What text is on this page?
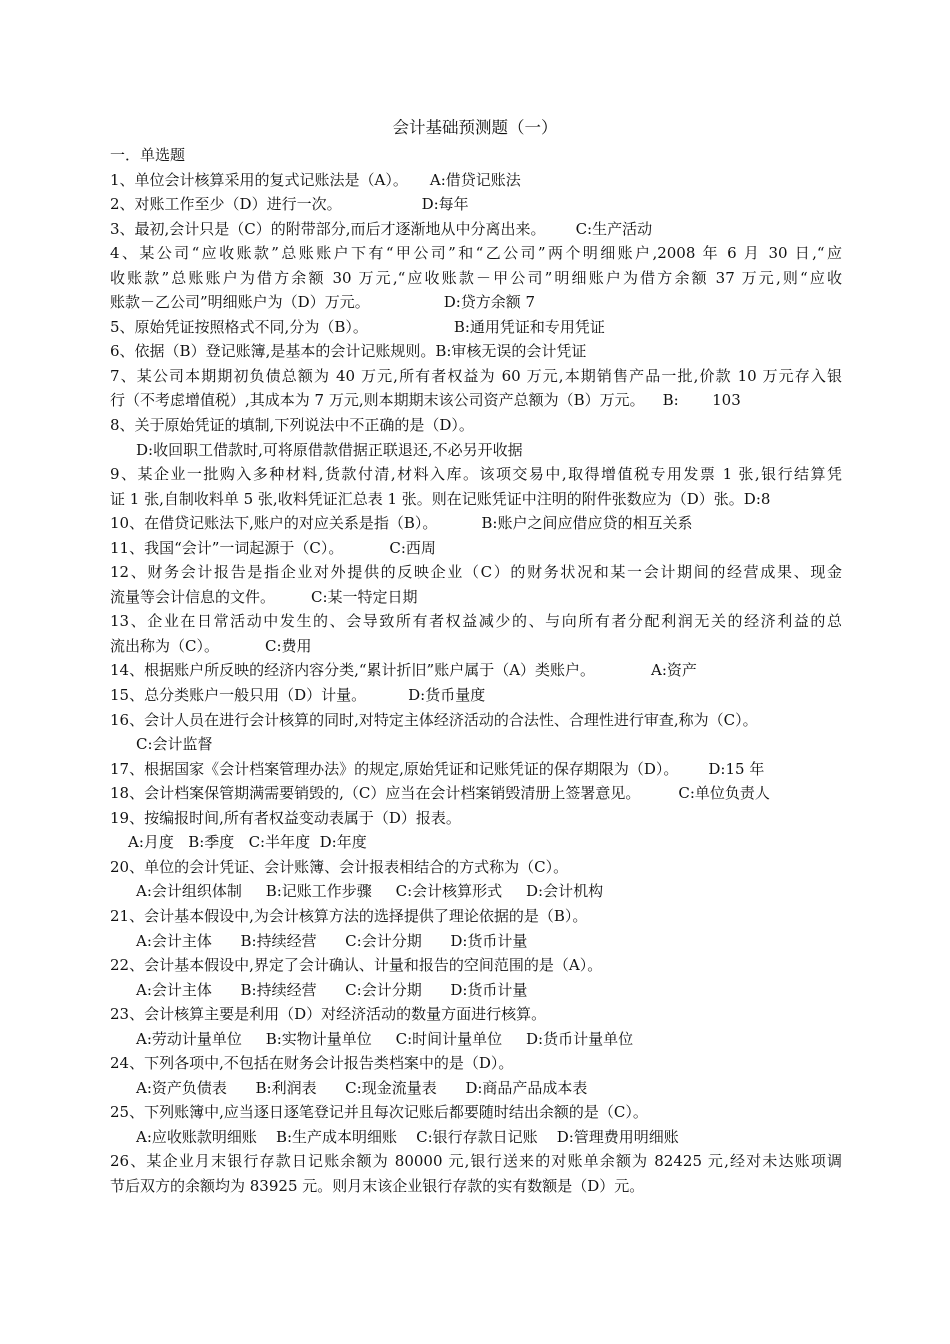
会计基础预测题（一）
一．单选题
1、单位会计核算采用的复式记账法是（A）。 A:借贷记账法
2、对账工作至少（D）进行一次。	D:每年
3、最初,会计只是（C）的附带部分,而后才逐渐地从中分离出来。 C:生产活动
4、某公司“应收账款”总账账户下有“甲公司”和“乙公司”两个明细账户,2008 年 6 月 30 日,“应
收账款”总账账户为借方余额 30 万元,“应收账款－甲公司”明细账户为借方余额 37 万元,则“应收
账款－乙公司”明细账户为（D）万元。	D:贷方余额 7
5、原始凭证按照格式不同,分为（B）。	B:通用凭证和专用凭证
6、依据（B）登记账簿,是基本的会计记账规则。B:审核无误的会计凭证
7、某公司本期期初负债总额为 40 万元,所有者权益为 60 万元,本期销售产品一批,价款 10 万元存入银
行（不考虑增值税）,其成本为 7 万元,则本期期末该公司资产总额为（B）万元。 B:       103
8、关于原始凭证的填制,下列说法中不正确的是（D）。
D:收回职工借款时,可将原借款借据正联退还,不必另开收据
9、某企业一批购入多种材料,货款付清,材料入库。该项交易中,取得增值税专用发票 1 张,银行结算凭
证 1 张,自制收料单 5 张,收料凭证汇总表 1 张。则在记账凭证中注明的附件张数应为（D）张。D:8
10、在借贷记账法下,账户的对应关系是指（B）。	B:账户之间应借应贷的相互关系
11、我国“会计”一词起源于（C）。	C:西周
12、财务会计报告是指企业对外提供的反映企业（C）的财务状况和某一会计期间的经营成果、现金
流量等会计信息的文件。 C:某一特定日期
13、企业在日常活动中发生的、会导致所有者权益减少的、与向所有者分配利润无关的经济利益的总
流出称为（C）。	C:费用
14、根据账户所反映的经济内容分类,“累计折旧”账户属于（A）类账户。	A:资产
15、总分类账户一般只用（D）计量。	D:货币量度
16、会计人员在进行会计核算的同时,对特定主体经济活动的合法性、合理性进行审查,称为（C）。
C:会计监督
17、根据国家《会计档案管理办法》的规定,原始凭证和记账凭证的保存期限为（D）。 D:15 年
18、会计档案保管期满需要销毁的,（C）应当在会计档案销毁清册上签署意见。	C:单位负责人
19、按编报时间,所有者权益变动表属于（D）报表。
A:月度   B:季度   C:半年度  D:年度
20、单位的会计凭证、会计账簿、会计报表相结合的方式称为（C）。
A:会计组织体制     B:记账工作步骤     C:会计核算形式     D:会计机构
21、会计基本假设中,为会计核算方法的选择提供了理论依据的是（B）。
A:会计主体      B:持续经营      C:会计分期      D:货币计量
22、会计基本假设中,界定了会计确认、计量和报告的空间范围的是（A）。
A:会计主体      B:持续经营      C:会计分期      D:货币计量
23、会计核算主要是利用（D）对经济活动的数量方面进行核算。
A:劳动计量单位     B:实物计量单位     C:时间计量单位     D:货币计量单位
24、下列各项中,不包括在财务会计报告类档案中的是（D）。
A:资产负债表      B:利润表      C:现金流量表      D:商品产品成本表
25、下列账簿中,应当逐日逐笔登记并且每次记账后都要随时结出余额的是（C）。
A:应收账款明细账    B:生产成本明细账    C:银行存款日记账    D:管理费用明细账
26、某企业月末银行存款日记账余额为 80000 元,银行送来的对账单余额为 82425 元,经对未达账项调
节后双方的余额均为 83925 元。则月末该企业银行存款的实有数额是（D）元。
